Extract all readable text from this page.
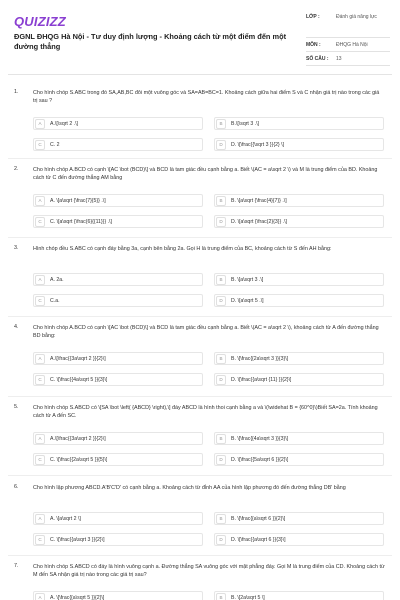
QUIZIZZ
ĐGNL ĐHQG Hà Nội - Tư duy định lượng - Khoảng cách từ một điểm đến một đường thẳng
LỚP :	Đánh giá năng lực
MÔN :	ĐHQG Hà Nội
SỐ CÂU :	13
1.	Cho hình chóp S.ABC trong đó SA,AB,BC đôi một vuông góc và SA=AB=BC=1. Khoảng cách giữa hai điểm S và C nhận giá trị nào trong các giá trị sau ?
A	A.\[\sqrt 2 .\]	B	B.\[\sqrt 3 .\]
C	C. 2	D	D. \[\frac{{\sqrt 3 }}{2} \]
2.	Cho hình chóp A.BCD có cạnh \[AC \bot (BCD)\] và BCD là tam giác đều cạnh bằng a. Biết \(AC = a\sqrt 2 \) và M là trung điểm của BD. Khoảng cách từ C đến đường thẳng AM bằng
A	A. \[a\sqrt {\frac{7}{5}} .\]	B	B. \[a\sqrt {\frac{4}{7}} .\]
C	C. \[a\sqrt {\frac{6}{{11}}} .\]	D	D. \[a\sqrt {\frac{2}{3}} .\]
3.	Hình chóp đều S.ABC có cạnh đáy bằng 3a, cạnh bên bằng 2a. Gọi H là trung điểm của BC, khoảng cách từ S đến AH bằng:
A	A. 2a.	B	B. \[a\sqrt 3 .\]
C	C.a.	D	D. \[a\sqrt 5 .\]
4.	Cho hình chóp A.BCD có cạnh \[AC \bot (BCD)\] và BCD là tam giác đều cạnh bằng a. Biết \(AC = a\sqrt 2 \), khoảng cách từ A đến đường thẳng BD bằng:
A	A.\[\frac{{3a\sqrt 2 }}{2}\]	B	B. \[\frac{{2a\sqrt 3 }}{3}\]
C	C. \[\frac{{4a\sqrt 5 }}{3}\]	D	D. \[\frac{{a\sqrt {11} }}{2}\]
5.	Cho hình chóp S.ABCD có \[SA \bot \left( {ABCD} \right),\] đáy ABCD là hình thoi cạnh bằng a và \(\widehat B = {60^0}\)Biết SA=2a. Tính khoảng cách từ A đến SC.
A	A.\[\frac{{3a\sqrt 2 }}{2}\]	B	B. \[\frac{{4a\sqrt 3 }}{3}\]
C	C. \[\frac{{2a\sqrt 5 }}{5}\]	D	D. \[\frac{{5a\sqrt 6 }}{2}\]
6.	Cho hình lập phương ABCD.A'B'C'D' có cạnh bằng a. Khoảng cách từ đỉnh AA của hình lập phương đó đến đường thẳng DB' bằng
A	A. \[a\sqrt 2 \]	B	B. \[\frac{{a\sqrt 6 }}{2}\]
C	C. \[\frac{{a\sqrt 3 }}{2}\]	D	D. \[\frac{{a\sqrt 6 }}{3}\]
7.	Cho hình chóp S.ABCD có đáy là hình vuông cạnh a. Đường thẳng SA vuông góc với mặt phẳng đáy. Gọi M là trung điểm của CD. Khoảng cách từ M đến SA nhận giá trị nào trong các giá trị sau?
A	A. \[\frac{{a\sqrt 5 }}{2}\]	B	B. \[2a\sqrt 5 \]
